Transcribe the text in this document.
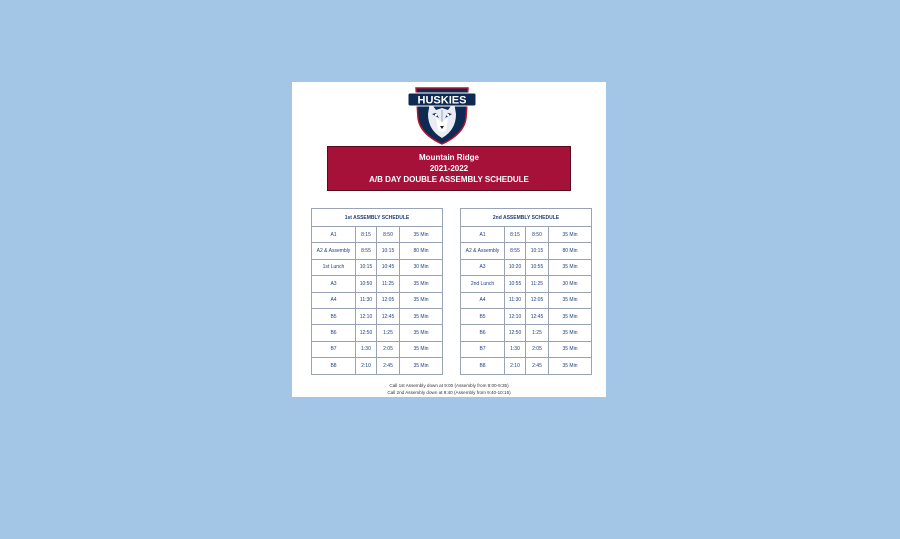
HUSKIES
Mountain Ridge
2021-2022
A/B DAY DOUBLE ASSEMBLY SCHEDULE
1st ASSEMBLY SCHEDULE			
A1	8:15	8:50	35 Min
A2 & Assembly	8:55	10:15	80 Min
1st Lunch	10:15	10:45	30 Min
A3	10:50	11:25	35 Min
A4	11:30	12:05	35 Min
B5	12:10	12:45	35 Min
B6	12:50	1:25	35 Min
B7	1:30	2:05	35 Min
B8	2:10	2:45	35 Min
2nd ASSEMBLY SCHEDULE			
A1	8:15	8:50	35 Min
A2 & Assembly	8:55	10:15	80 Min
A3	10:20	10:55	35 Min
2nd Lunch	10:55	11:25	30 Min
A4	11:30	12:05	35 Min
B5	12:10	12:45	35 Min
B6	12:50	1:25	35 Min
B7	1:30	2:05	35 Min
B8	2:10	2:45	35 Min
Call 1st Assembly down at 9:00 (Assembly from 9:00-9:35)
Call 2nd Assembly down at 9:40 (Assembly from 9:40-10:15)
